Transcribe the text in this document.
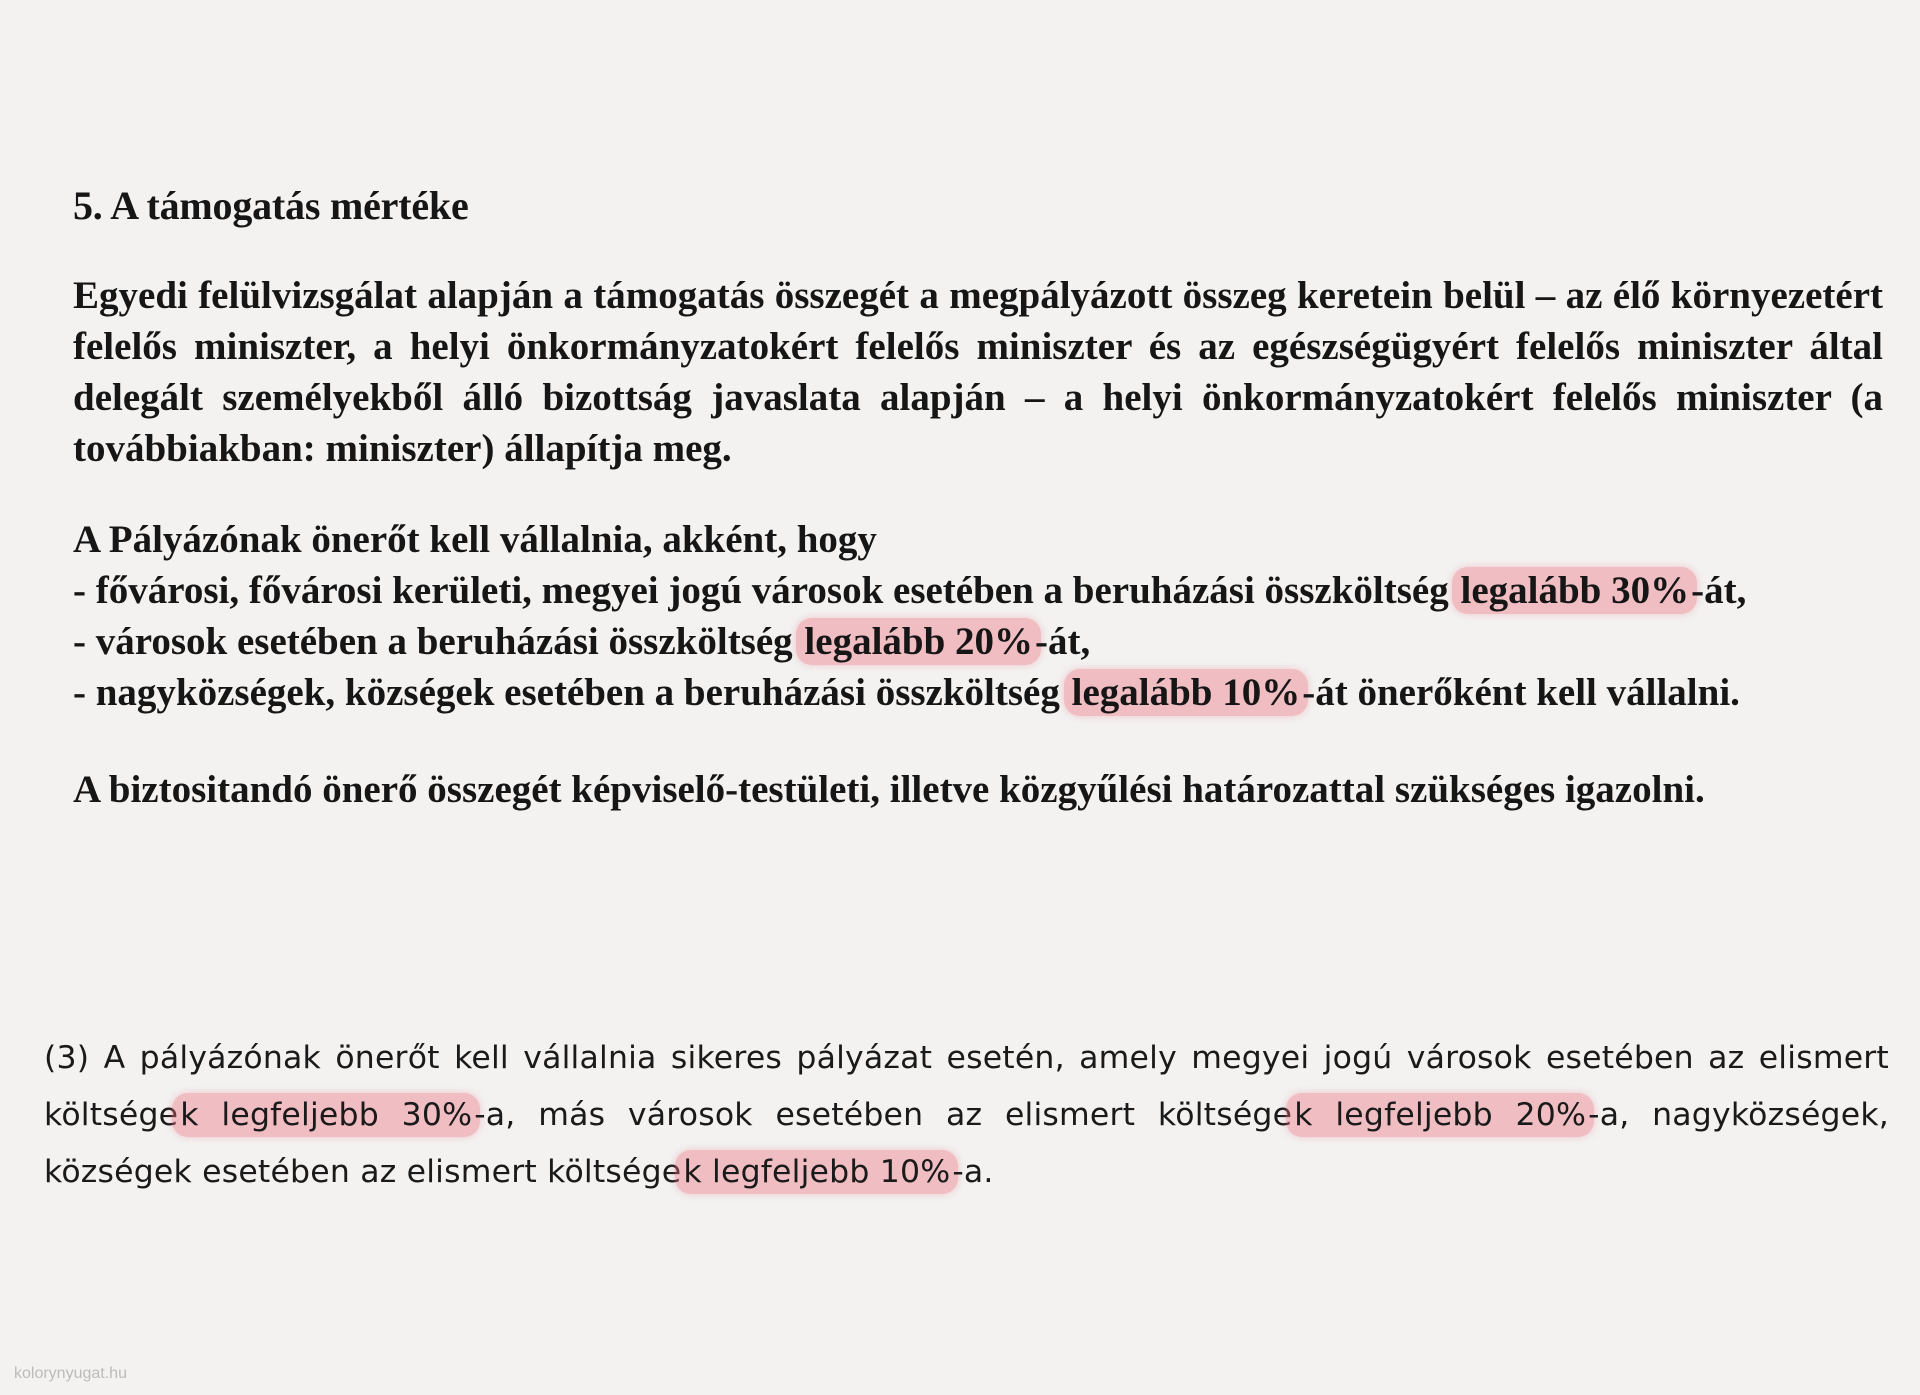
5. A támogatás mértéke

Egyedi felülvizsgálat alapján a támogatás összegét a megpályázott összeg keretein belül – az élő környezetért felelős miniszter, a helyi önkormányzatokért felelős miniszter és az egészségügyért felelős miniszter által delegált személyekből álló bizottság javaslata alapján – a helyi önkormányzatokért felelős miniszter (a továbbiakban: miniszter) állapítja meg.

A Pályázónak önerőt kell vállalnia, akként, hogy
- fővárosi, fővárosi kerületi, megyei jogú városok esetében a beruházási összköltség legalább 30%-át,
- városok esetében a beruházási összköltség legalább 20%-át,
- nagyközségek, községek esetében a beruházási összköltség legalább 10%-át önerőként kell vállalni.

A biztositandó önerő összegét képviselő-testületi, illetve közgyűlési határozattal szükséges igazolni.

(3) A pályázónak önerőt kell vállalnia sikeres pályázat esetén, amely megyei jogú városok esetében az elismert költségek legfeljebb 30%-a, más városok esetében az elismert költségek legfeljebb 20%-a, nagyközségek, községek esetében az elismert költségek legfeljebb 10%-a.

kolorynyugat.hu
